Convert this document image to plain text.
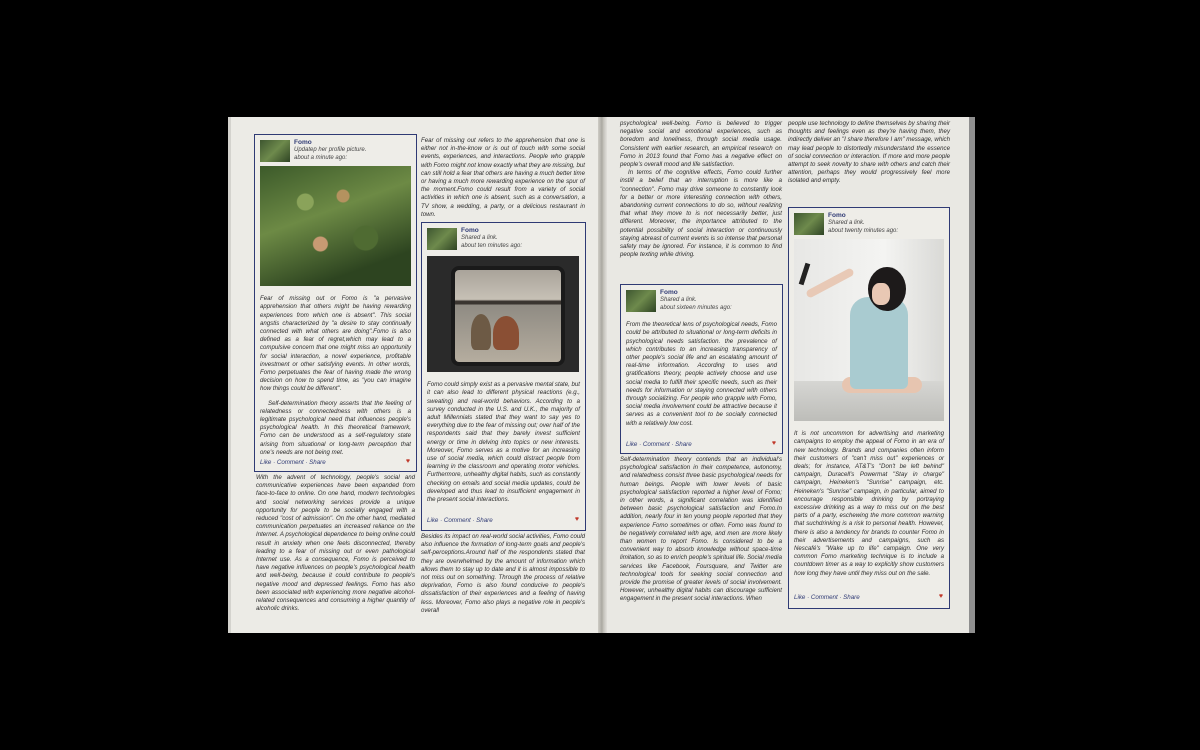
Fomo
Updatep her profile picture.
about a minute ago:

Fear of missing out or Fomo is "a pervasive apprehension that others might be having rewarding experiences from which one is absent". This social angstis characterized by "a desire to stay continually connected with what others are doing".Fomo is also defined as a fear of regret,which may lead to a compulsive concern that one might miss an opportunity for social interaction, a novel experience, profitable investment or other satisfying events. In other words, Fomo perpetuates the fear of having made the wrong decision on how to spend time, as "you can imagine how things could be different".

Self-determination theory asserts that the feeling of relatedness or connectedness with others is a legitimate psychological need that influences people's psychological health. In this theoretical framework, Fomo can be understood as a self-regulatory state arising from situational or long-term perception that one's needs are not being met.

Like · Comment · Share	♥

With the advent of technology, people's social and communicative experiences have been expanded from face-to-face to online. On one hand, modern technologies and social networking services provide a unique opportunity for people to be socially engaged with a reduced "cost of admission". On the other hand, mediated communication perpetuates an increased reliance on the Internet. A psychological dependence to being online could result in anxiety when one feels disconnected, thereby leading to a fear of missing out or even pathological Internet use. As a consequence, Fomo is perceived to have negative influences on people's psychological health and well-being, because it could contribute to people's negative mood and depressed feelings. Fomo has also been associated with experiencing more negative alcohol-related consequences and consuming a higher quantity of alcoholic drinks.

Fear of missing out refers to the apprehension that one is either not in-the-know or is out of touch with some social events, experiences, and interactions. People who grapple with Fomo might not know exactly what they are missing, but can still hold a fear that others are having a much better time or having a much more rewarding experience on the spur of the moment.Fomo could result from a variety of social activities in which one is absent, such as a conversation, a TV show, a wedding, a party, or a delicious restaurant in town.

Fomo
Shared a link.
about ten minutes ago:

Fomo could simply exist as a pervasive mental state, but it can also lead to different physical reactions (e.g., sweating) and real-world behaviors. According to a survey conducted in the U.S. and U.K., the majority of adult Millennials stated that they want to say yes to everything due to the fear of missing out; over half of the respondents said that they barely invest sufficient energy or time in delving into topics or new interests. Moreover, Fomo serves as a motive for an increasing use of social media, which could distract people from learning in the classroom and operating motor vehicles. Furthermore, unhealthy digital habits, such as constantly checking on emails and social media updates, could be developed and thus lead to insufficient engagement in the present social interactions.

Like · Comment · Share	♥

Besides its impact on real-world social activities, Fomo could also influence the formation of long-term goals and people's self-perceptions.Around half of the respondents stated that they are overwhelmed by the amount of information which allows them to stay up to date and it is almost impossible to not miss out on something. Through the process of relative deprivation, Fomo is also found conducive to people's dissatisfaction of their experiences and a feeling of having less. Moreover, Fomo also plays a negative role in people's overall

psychological well-being. Fomo is believed to trigger negative social and emotional experiences, such as boredom and loneliness, through social media usage. Consistent with earlier research, an empirical research on Fomo in 2013 found that Fomo has a negative effect on people's overall mood and life satisfaction.

In terms of the cognitive effects, Fomo could further instill a belief that an interruption is more like a "connection". Fomo may drive someone to constantly look for a better or more interesting connection with others, abandoning current connections to do so, without realizing that what they move to is not necessarily better, just different. Moreover, the importance attributed to the potential possibility of social interaction or continuously staying abreast of current events is so intense that personal safety may be ignored. For instance, it is common to find people texting while driving.

Fomo
Shared a link.
about sixteen minutes ago:

From the theoretical lens of psychological needs, Fomo could be attributed to situational or long-term deficits in psychological needs satisfaction. the prevalence of which contributes to an increasing transparency of other people's social life and an escalating amount of real-time information. According to uses and gratifications theory, people actively choose and use social media to fulfill their specific needs, such as their needs for information or staying connected with others through socializing. For people who grapple with Fomo, social media involvement could be attractive because it serves as a convenient tool to be socially connected with a relatively low cost.

Like · Comment · Share	♥

Self-determination theory contends that an individual's psychological satisfaction in their competence, autonomy, and relatedness consist three basic psychological needs for human beings. People with lower levels of basic psychological satisfaction reported a higher level of Fomo; in other words, a significant correlation was identified between basic psychological satisfaction and Fomo.In addition, nearly four in ten young people reported that they experience Fomo sometimes or often. Fomo was found to be negatively correlated with age, and men are more likely than women to report Fomo. Is considered to be a convenient way to absorb knowledge without space-time limitation, so as to enrich people's spiritual life. Social media services like Facebook, Foursquare, and Twitter are technological tools for seeking social connection and provide the promise of greater levels of social involvement. However, unhealthy digital habits can discourage sufficient engagement in the present social interactions. When

people use technology to define themselves by sharing their thoughts and feelings even as they're having them, they indirectly deliver an "I share therefore I am" message, which may lead people to distortedly misunderstand the essence of social connection or interaction. If more and more people attempt to seek novelty to share with others and catch their attention, perhaps they would progressively feel more isolated and empty.

Fomo
Shared a link.
about twenty minutes ago:

It is not uncommon for advertising and marketing campaigns to employ the appeal of Fomo in an era of new technology. Brands and companies often inform their customers of "can't miss out" experiences or deals; for instance, AT&T's "Don't be left behind" campaign, Duracell's Powermat "Stay in charge" campaign, Heineken's "Sunrise" campaign, etc. Heineken's "Sunrise" campaign, in particular, aimed to encourage responsible drinking by portraying excessive drinking as a way to miss out on the best parts of a party, eschewing the more common warning that suchdrinking is a risk to personal health. However, there is also a tendency for brands to counter Fomo in their advertisements and campaigns, such as Nescafé's "Wake up to life" campaign. One very common Fomo marketing technique is to include a countdown timer as a way to explicitly show customers how long they have until they miss out on the sale.

Like · Comment · Share	♥
